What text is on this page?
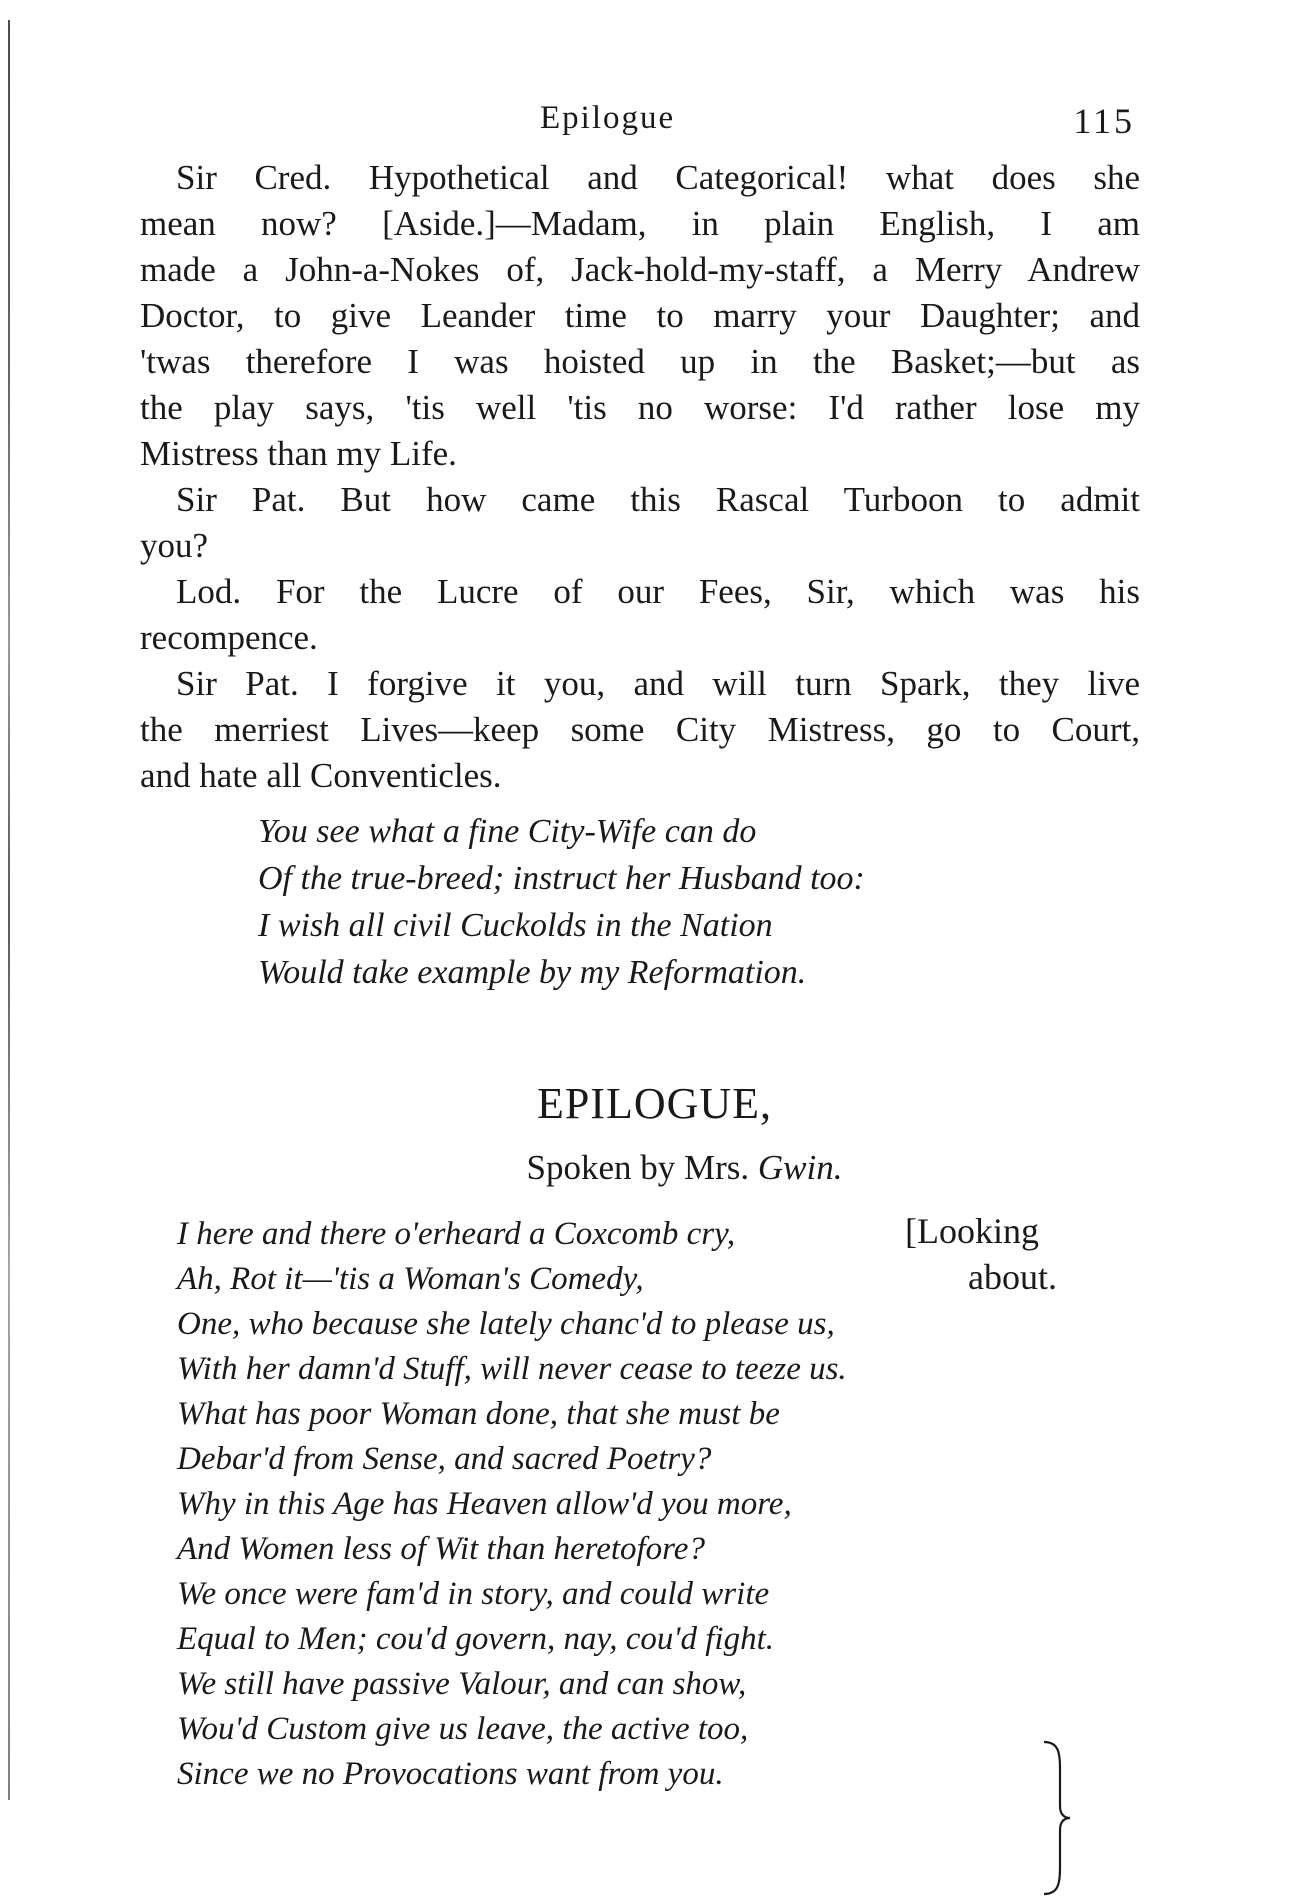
Epilogue	115
Sir Cred. Hypothetical and Categorical! what does she
mean now? [Aside.]—Madam, in plain English, I am
made a John-a-Nokes of, Jack-hold-my-staff, a Merry Andrew
Doctor, to give Leander time to marry your Daughter; and
'twas therefore I was hoisted up in the Basket;—but as
the play says, 'tis well 'tis no worse: I'd rather lose my
Mistress than my Life.
Sir Pat. But how came this Rascal Turboon to admit
you?
Lod. For the Lucre of our Fees, Sir, which was his
recompence.
Sir Pat. I forgive it you, and will turn Spark, they live
the merriest Lives—keep some City Mistress, go to Court,
and hate all Conventicles.
You see what a fine City-Wife can do
Of the true-breed; instruct her Husband too:
I wish all civil Cuckolds in the Nation
Would take example by my Reformation.
EPILOGUE,
Spoken by Mrs. Gwin.
[Looking
about.
I here and there o'erheard a Coxcomb cry,
Ah, Rot it—'tis a Woman's Comedy,
One, who because she lately chanc'd to please us,
With her damn'd Stuff, will never cease to teeze us.
What has poor Woman done, that she must be
Debar'd from Sense, and sacred Poetry?
Why in this Age has Heaven allow'd you more,
And Women less of Wit than heretofore?
We once were fam'd in story, and could write
Equal to Men; cou'd govern, nay, cou'd fight.
We still have passive Valour, and can show,
Wou'd Custom give us leave, the active too,
Since we no Provocations want from you.
